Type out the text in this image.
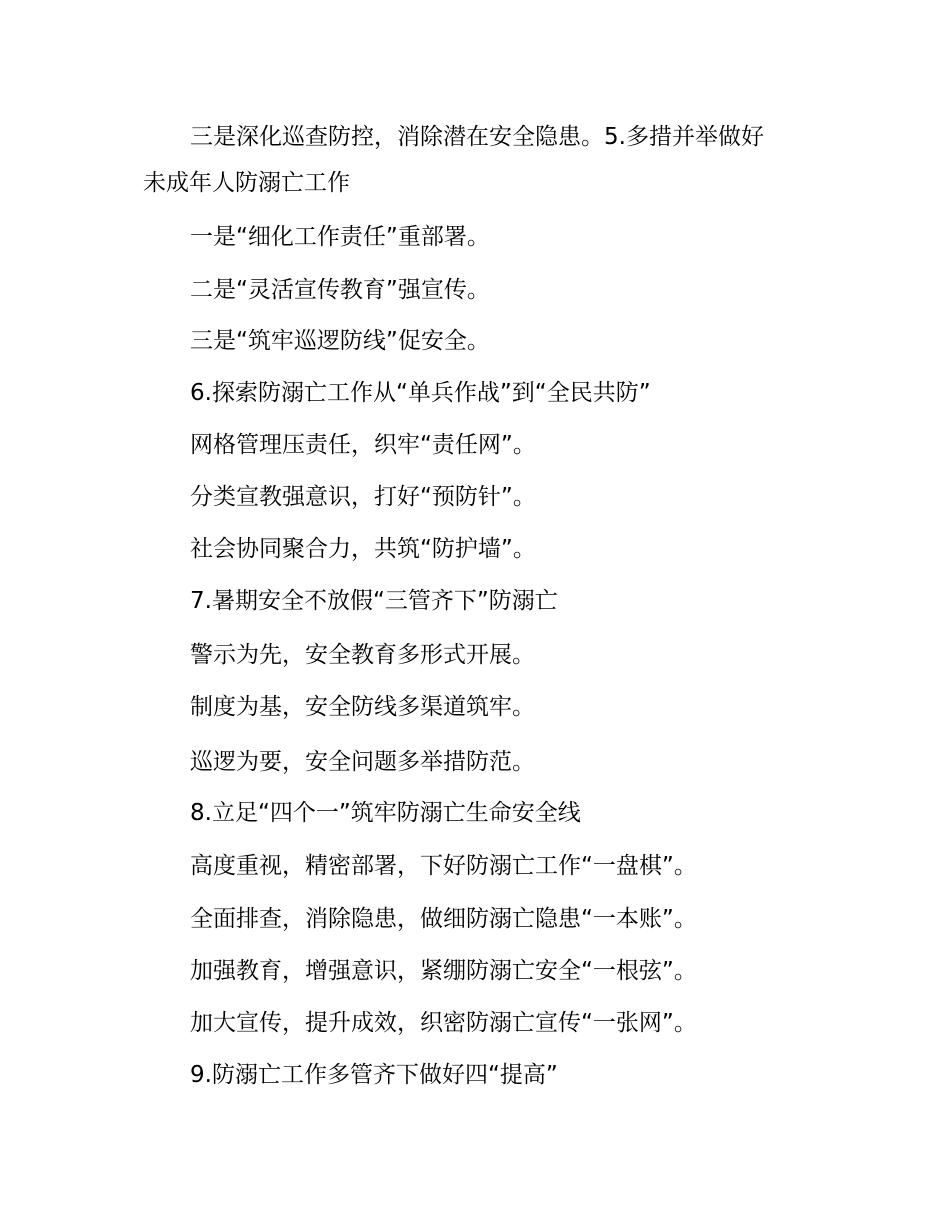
三是深化巡查防控，消除潜在安全隐患。5.多措并举做好
未成年人防溺亡工作
一是“细化工作责任”重部署。
二是“灵活宣传教育”强宣传。
三是“筑牢巡逻防线”促安全。
6.探索防溺亡工作从“单兵作战”到“全民共防”
网格管理压责任，织牢“责任网”。
分类宣教强意识，打好“预防针”。
社会协同聚合力，共筑“防护墙”。
7.暑期安全不放假“三管齐下”防溺亡
警示为先，安全教育多形式开展。
制度为基，安全防线多渠道筑牢。
巡逻为要，安全问题多举措防范。
8.立足“四个一”筑牢防溺亡生命安全线
高度重视，精密部署，下好防溺亡工作“一盘棋”。
全面排查，消除隐患，做细防溺亡隐患“一本账”。
加强教育，增强意识，紧绷防溺亡安全“一根弦”。
加大宣传，提升成效，织密防溺亡宣传“一张网”。
9.防溺亡工作多管齐下做好四“提高”
